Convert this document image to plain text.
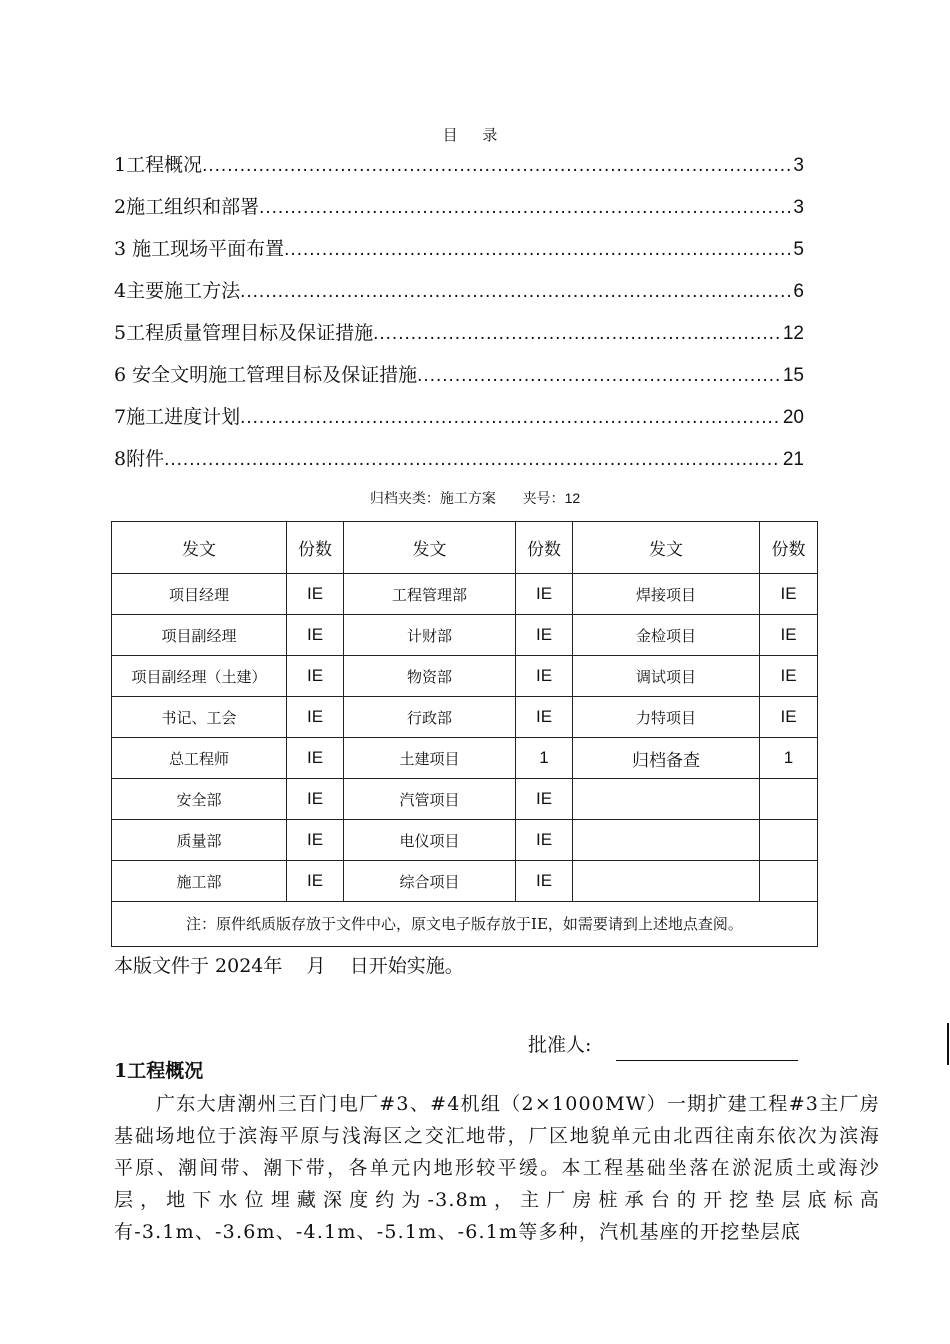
目 录
1工程概况 .....	3
2施工组织和部署 .....	3
3 施工现场平面布置 .....	5
4主要施工方法 .....	6
5工程质量管理目标及保证措施 .....	12
6 安全文明施工管理目标及保证措施 .....	15
7施工进度计划 .....	20
8附件 .....	21
归档夹类：施工方案 夹号：12
发文	份数	发文	份数	发文	份数
项目经理	IE	工程管理部	IE	焊接项目	IE
项目副经理	IE	计财部	IE	金检项目	IE
项目副经理（土建）	IE	物资部	IE	调试项目	IE
书记、工会	IE	行政部	IE	力特项目	IE
总工程师	IE	土建项目	1	归档备查	1
安全部	IE	汽管项目	IE		
质量部	IE	电仪项目	IE		
施工部	IE	综合项目	IE		
注：原件纸质版存放于文件中心，原文电子版存放于IE，如需要请到上述地点查阅。					
本版文件于 2024年    月    日开始实施。
批准人:
1工程概况
广东大唐潮州三百门电厂#3、#4机组（2×1000MW）一期扩建工程#3主厂房基础场地位于滨海平原与浅海区之交汇地带，厂区地貌单元由北西往南东依次为滨海平原、潮间带、潮下带，各单元内地形较平缓。本工程基础坐落在淤泥质土或海沙层，地下水位埋藏深度约为-3.8m，主厂房桩承台的开挖垫层底标高有-3.1m、-3.6m、-4.1m、-5.1m、-6.1m等多种，汽机基座的开挖垫层底
